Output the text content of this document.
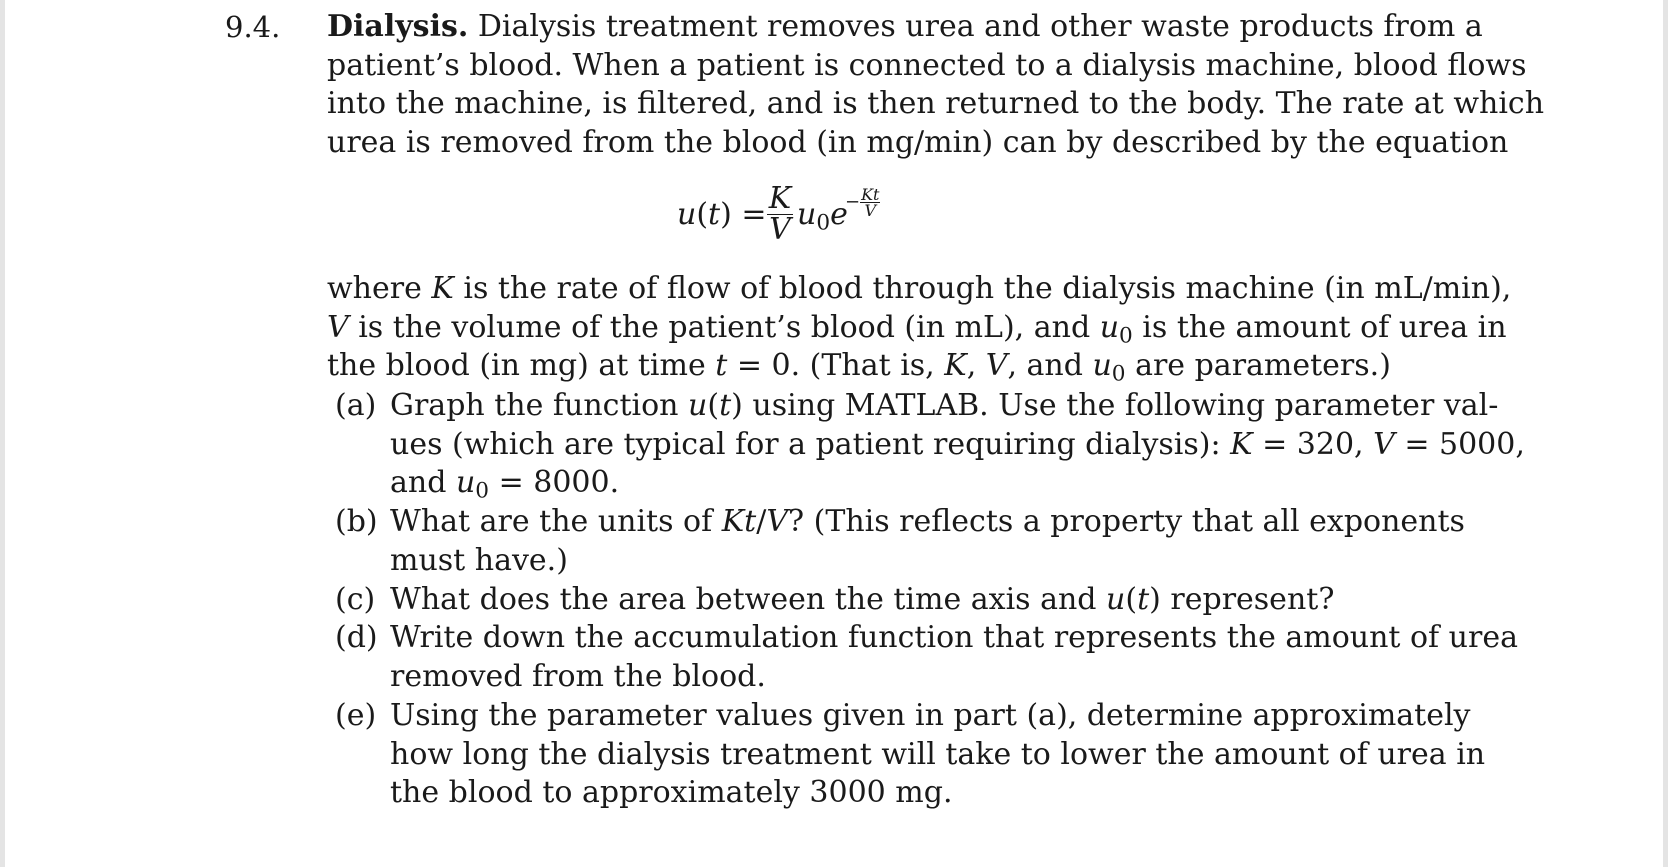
9.4. Dialysis. Dialysis treatment removes urea and other waste products from a
patient’s blood. When a patient is connected to a dialysis machine, blood flows
into the machine, is filtered, and is then returned to the body. The rate at which
urea is removed from the blood (in mg/min) can by described by the equation
$u(t) = \frac{K}{V} u_0e$
− $\frac{Kt}{V}$
where K is the rate of flow of blood through the dialysis machine (in mL/min),
V is the volume of the patient’s blood (in mL), and $u_0$ is the amount of urea in
the blood (in mg) at time t = 0. (That is, K, V, and $u_0$ are parameters.)
(a) Graph the function u(t) using MATLAB. Use the following parameter val-
ues (which are typical for a patient requiring dialysis): K = 320, V = 5000,
and $u_0 = 8000$.
(b) What are the units of Kt/V? (This reflects a property that all exponents
must have.)
(c) What does the area between the time axis and u(t) represent?
(d) Write down the accumulation function that represents the amount of urea
removed from the blood.
(e) Using the parameter values given in part (a), determine approximately
how long the dialysis treatment will take to lower the amount of urea in
the blood to approximately 3000 mg.
